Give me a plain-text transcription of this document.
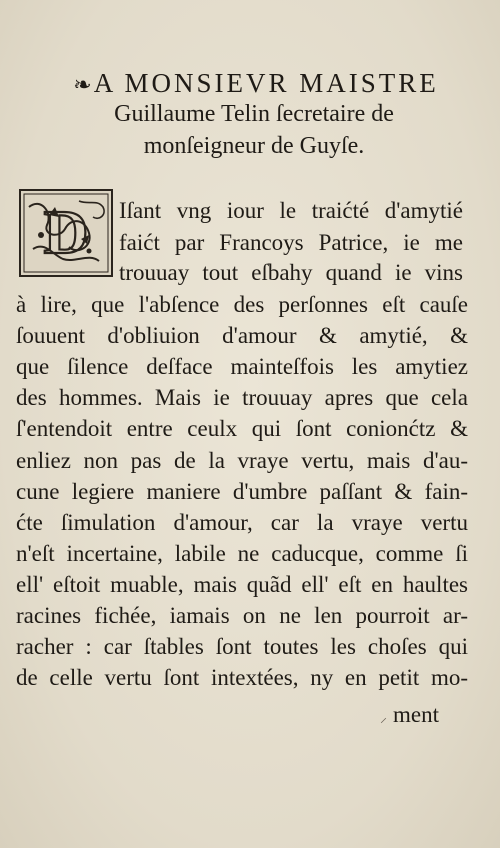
❧A MONSIEVR MAISTRE
Guillaume Telin ſecretaire de
monſeigneur de Guyſe.
D Iſant vng iour le traićté d'amytié
faićt par Francoys Patrice, ie me
trouuay tout eſbahy quand ie vins
à lire, que l'abſence des perſonnes eſt cauſe
ſouuent d'obliuion d'amour & amytié, &
que ſilence deſface mainteſfois les amytiez
des hommes. Mais ie trouuay apres que cela
ſ'entendoit entre ceulx qui ſont conionćtz &
enliez non pas de la vraye vertu, mais d'au-
cune legiere maniere d'umbre paſſant & fain-
ćte ſimulation d'amour, car la vraye vertu
n'eſt incertaine, labile ne caducque, comme ſi
ell' eſtoit muable, mais quãd ell' eſt en haultes
racines fichée, iamais on ne len pourroit ar-
racher : car ſtables ſont toutes les choſes qui
de celle vertu ſont intextées, ny en petit mo-
⸝ ment
